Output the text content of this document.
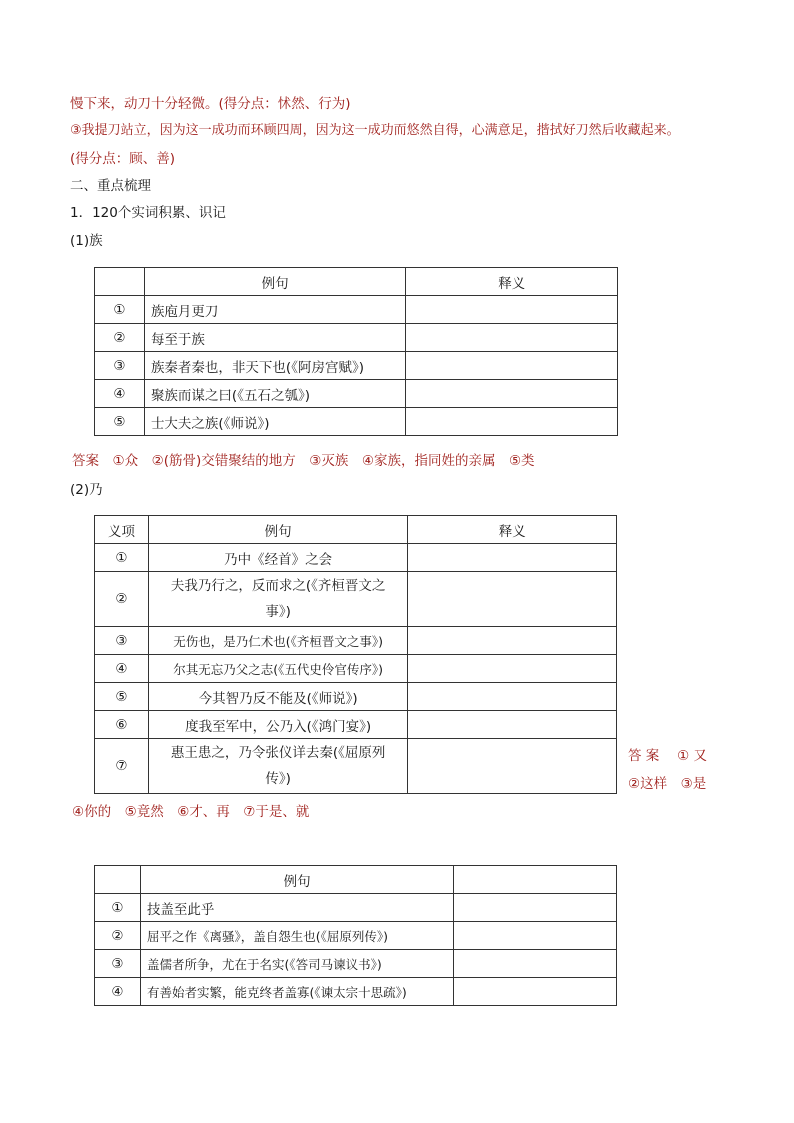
慢下来，动刀十分轻微。(得分点：怵然、行为)
③我提刀站立，因为这一成功而环顾四周，因为这一成功而悠然自得，心满意足，揩拭好刀然后收藏起来。
(得分点：顾、善)
二、重点梳理
1．120个实词积累、识记
(1)族
	例句	释义
①	族庖月更刀	
②	每至于族	
③	族秦者秦也，非天下也(《阿房宫赋》)	
④	聚族而谋之曰(《五石之瓠》)	
⑤	士大夫之族(《师说》)	
答案　①众　②(筋骨)交错聚结的地方　③灭族　④家族，指同姓的亲属　⑤类
(2)乃
义项	例句	释义
①	乃中《经首》之会	
②	夫我乃行之，反而求之(《齐桓晋文之事》)	
③	无伤也，是乃仁术也(《齐桓晋文之事》)	
④	尔其无忘乃父之志(《五代史伶官传序》)	
⑤	今其智乃反不能及(《师说》)	
⑥	度我至军中，公乃入(《鸿门宴》)	
⑦	惠王患之，乃令张仪详去秦(《屈原列传》)	
答 案　 ① 又
②这样　③是
④你的　⑤竟然　⑥才、再　⑦于是、就
	例句	
①	技盖至此乎	
②	屈平之作《离骚》，盖自怨生也(《屈原列传》)	
③	盖儒者所争，尤在于名实(《答司马谏议书》)	
④	有善始者实繁，能克终者盖寡(《谏太宗十思疏》)	
